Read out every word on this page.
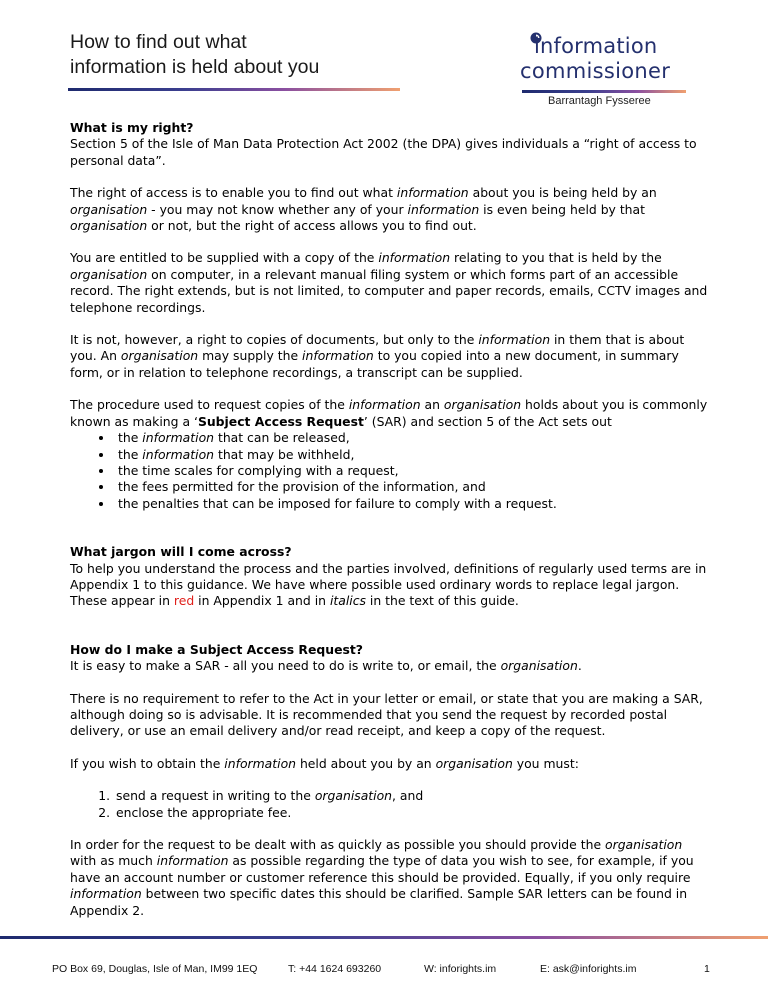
How to find out what
information is held about you
information
commissioner
Barrantagh Fysseree
What is my right?

Section 5 of the Isle of Man Data Protection Act 2002 (the DPA) gives individuals a “right of access to personal data”.

The right of access is to enable you to find out what information about you is being held by an organisation - you may not know whether any of your information is even being held by that organisation or not, but the right of access allows you to find out.

You are entitled to be supplied with a copy of the information relating to you that is held by the organisation on computer, in a relevant manual filing system or which forms part of an accessible record. The right extends, but is not limited, to computer and paper records, emails, CCTV images and telephone recordings.

It is not, however, a right to copies of documents, but only to the information in them that is about you. An organisation may supply the information to you copied into a new document, in summary form, or in relation to telephone recordings, a transcript can be supplied.

The procedure used to request copies of the information an organisation holds about you is commonly known as making a ‘Subject Access Request’ (SAR) and section 5 of the Act sets out

• the information that can be released,
• the information that may be withheld,
• the time scales for complying with a request,
• the fees permitted for the provision of the information, and
• the penalties that can be imposed for failure to comply with a request.
What jargon will I come across?

To help you understand the process and the parties involved, definitions of regularly used terms are in Appendix 1 to this guidance. We have where possible used ordinary words to replace legal jargon. These appear in red in Appendix 1 and in italics in the text of this guide.

How do I make a Subject Access Request?

It is easy to make a SAR - all you need to do is write to, or email, the organisation.

There is no requirement to refer to the Act in your letter or email, or state that you are making a SAR, although doing so is advisable. It is recommended that you send the request by recorded postal delivery, or use an email delivery and/or read receipt, and keep a copy of the request.

If you wish to obtain the information held about you by an organisation you must:

1. send a request in writing to the organisation, and
2. enclose the appropriate fee.

In order for the request to be dealt with as quickly as possible you should provide the organisation with as much information as possible regarding the type of data you wish to see, for example, if you have an account number or customer reference this should be provided. Equally, if you only require information between two specific dates this should be clarified. Sample SAR letters can be found in Appendix 2.

PO Box 69, Douglas, Isle of Man, IM99 1EQ	T: +44 1624 693260	W: inforights.im	E: ask@inforights.im	1
